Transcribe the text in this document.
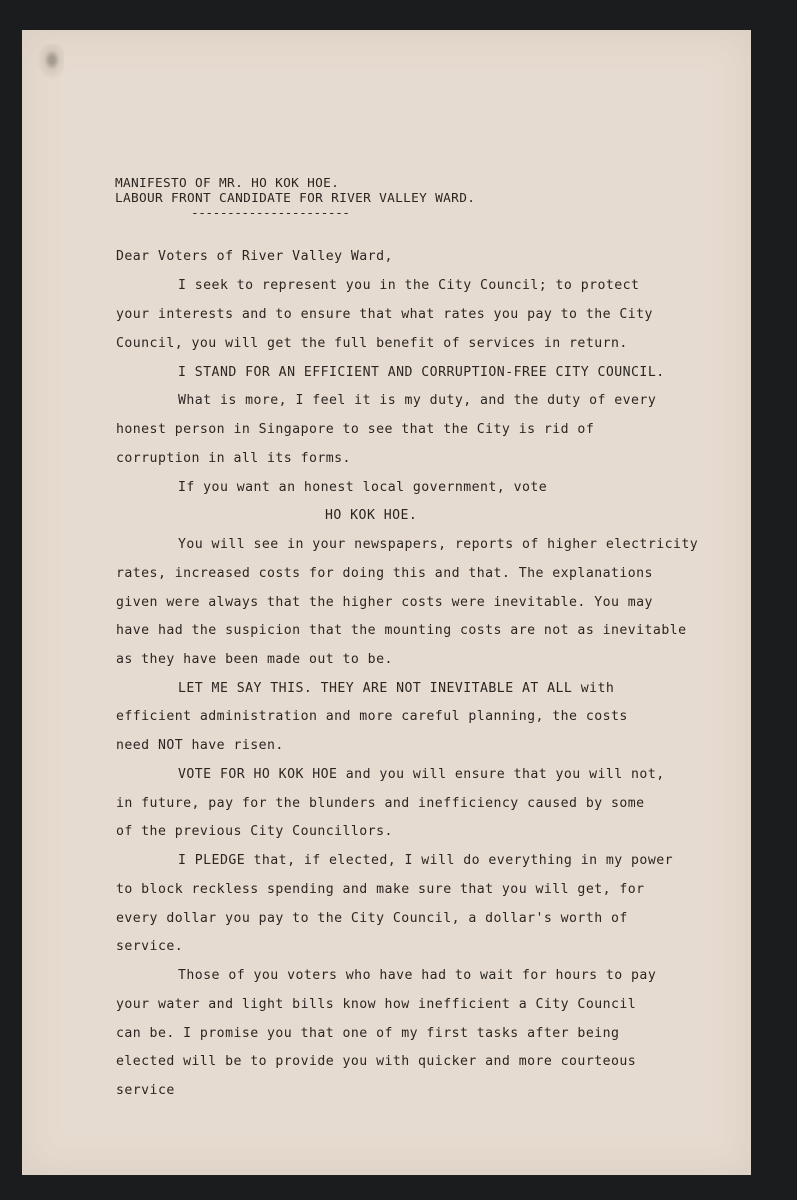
MANIFESTO OF MR. HO KOK HOE.
LABOUR FRONT CANDIDATE FOR RIVER VALLEY WARD.
----------------------
Dear Voters of River Valley Ward,
I seek to represent you in the City Council; to protect
your interests and to ensure that what rates you pay to the City
Council, you will get the full benefit of services in return.
I STAND FOR AN EFFICIENT AND CORRUPTION-FREE CITY COUNCIL.
What is more, I feel it is my duty, and the duty of every
honest person in Singapore to see that the City is rid of
corruption in all its forms.
If you want an honest local government, vote
HO KOK HOE.
You will see in your newspapers, reports of higher electricity
rates, increased costs for doing this and that. The explanations
given were always that the higher costs were inevitable. You may
have had the suspicion that the mounting costs are not as inevitable
as they have been made out to be.
LET ME SAY THIS. THEY ARE NOT INEVITABLE AT ALL with
efficient administration and more careful planning, the costs
need NOT have risen.
VOTE FOR HO KOK HOE and you will ensure that you will not,
in future, pay for the blunders and inefficiency caused by some
of the previous City Councillors.
I PLEDGE that, if elected, I will do everything in my power
to block reckless spending and make sure that you will get, for
every dollar you pay to the City Council, a dollar's worth of
service.
Those of you voters who have had to wait for hours to pay
your water and light bills know how inefficient a City Council
can be. I promise you that one of my first tasks after being
elected will be to provide you with quicker and more courteous
service
